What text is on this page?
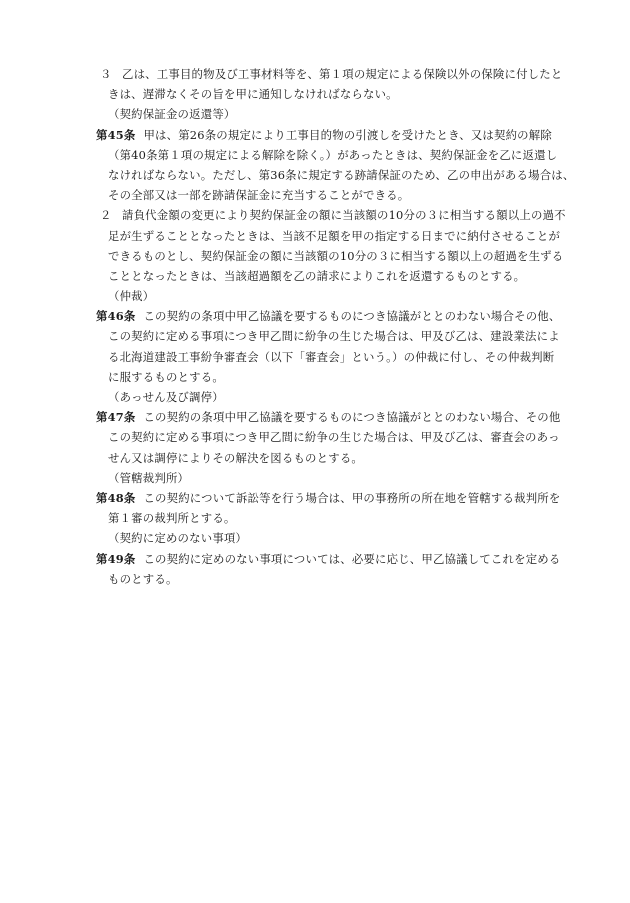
３ 乙は、工事目的物及び工事材料等を、第１項の規定による保険以外の保険に付したと
きは、遅滞なくその旨を甲に通知しなければならない。
（契約保証金の返還等）
第45条 甲は、第26条の規定により工事目的物の引渡しを受けたとき、又は契約の解除
（第40条第１項の規定による解除を除く。）があったときは、契約保証金を乙に返還し
なければならない。ただし、第36条に規定する跡請保証のため、乙の申出がある場合は、
その全部又は一部を跡請保証金に充当することができる。
２ 請負代金額の変更により契約保証金の額に当該額の10分の３に相当する額以上の過不
足が生ずることとなったときは、当該不足額を甲の指定する日までに納付させることが
できるものとし、契約保証金の額に当該額の10分の３に相当する額以上の超過を生ずる
こととなったときは、当該超過額を乙の請求によりこれを返還するものとする。
（仲裁）
第46条 この契約の条項中甲乙協議を要するものにつき協議がととのわない場合その他、
この契約に定める事項につき甲乙間に紛争の生じた場合は、甲及び乙は、建設業法によ
る北海道建設工事紛争審査会（以下「審査会」という。）の仲裁に付し、その仲裁判断
に服するものとする。
（あっせん及び調停）
第47条 この契約の条項中甲乙協議を要するものにつき協議がととのわない場合、その他
この契約に定める事項につき甲乙間に紛争の生じた場合は、甲及び乙は、審査会のあっ
せん又は調停によりその解決を図るものとする。
（管轄裁判所）
第48条 この契約について訴訟等を行う場合は、甲の事務所の所在地を管轄する裁判所を
第１審の裁判所とする。
（契約に定めのない事項）
第49条 この契約に定めのない事項については、必要に応じ、甲乙協議してこれを定める
ものとする。
